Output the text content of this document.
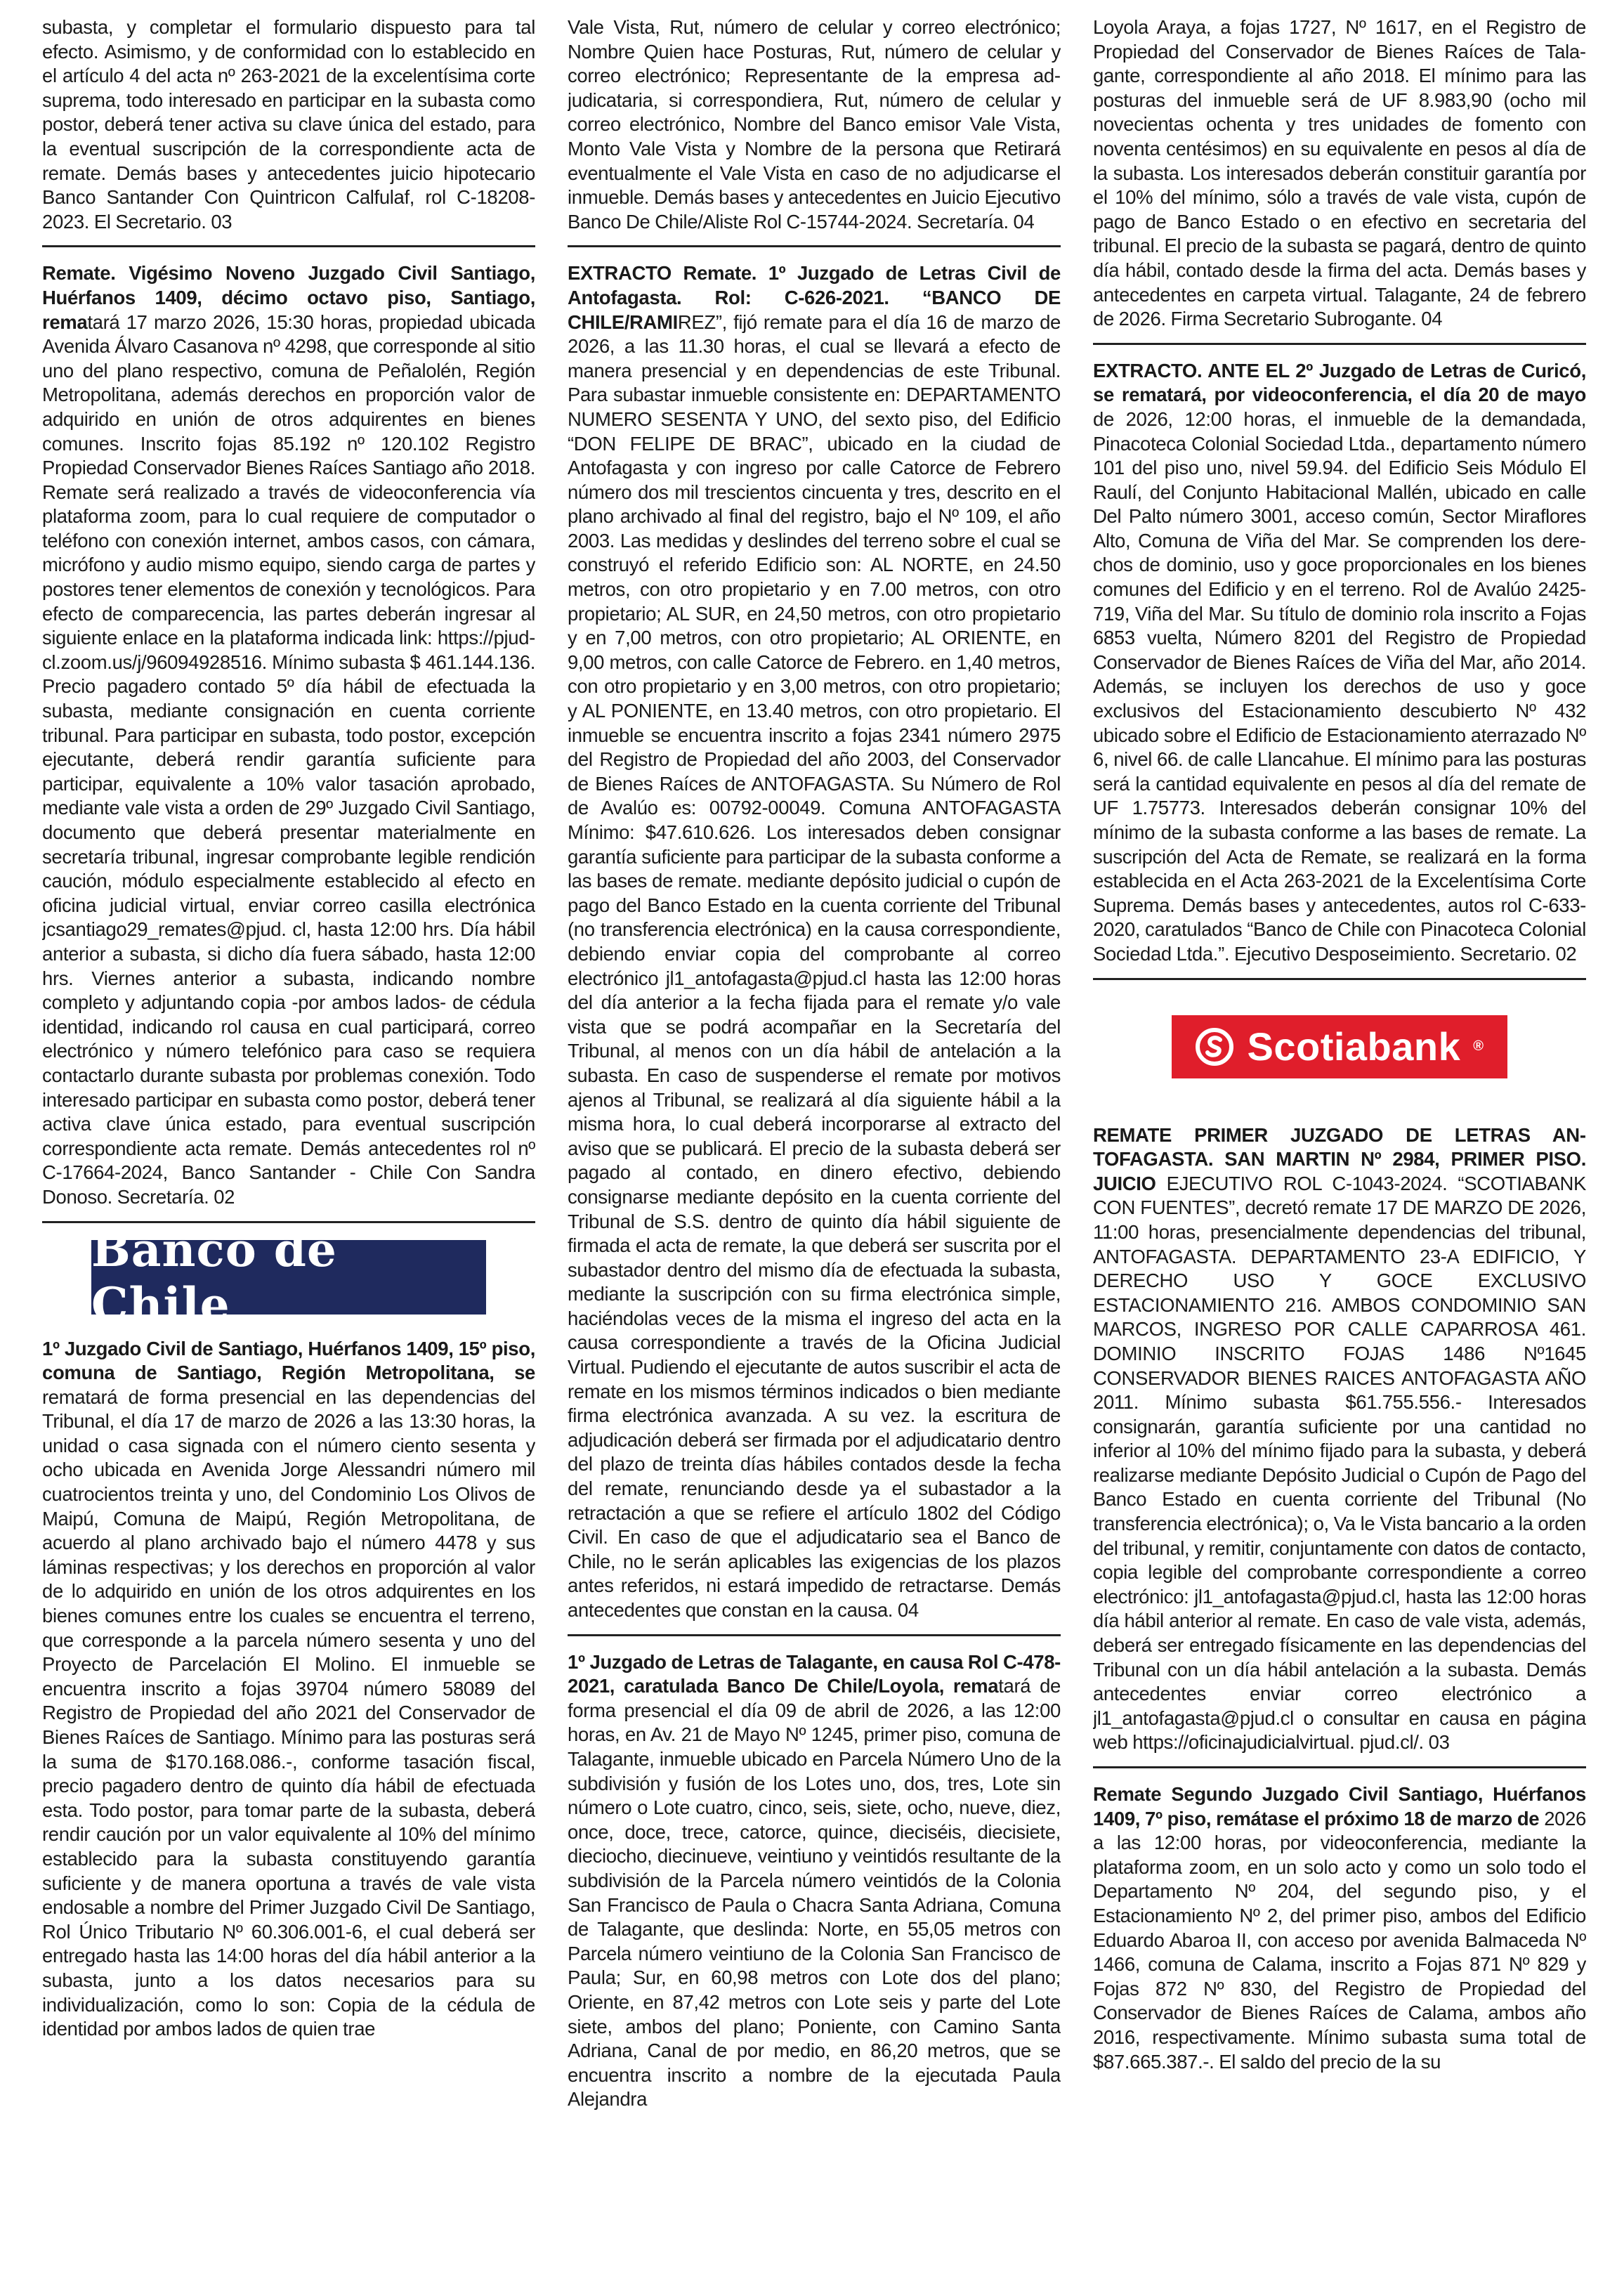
subasta, y completar el formulario dispuesto para tal efecto. Asimismo, y de conformidad con lo establecido en el artículo 4 del acta nº 263-2021 de la excelentísima corte suprema, todo interesado en participar en la subasta como postor, deberá tener activa su clave única del estado, para la eventual suscripción de la correspondiente acta de remate. Demás bases y antecedentes juicio hipotecario Banco Santander Con Quintricon Calfulaf, rol C-18208-2023. El Secretario. 03

Remate. Vigésimo Noveno Juzgado Civil Santiago, Huérfanos 1409, décimo octavo piso, Santiago, rematará 17 marzo 2026, 15:30 horas, propiedad ubicada Avenida Álvaro Casanova nº 4298, que corresponde al sitio uno del plano respectivo, comuna de Peñalolén, Región Metropolitana, además derechos en proporción valor de adquirido en unión de otros adquirentes en bienes comunes. Inscrito fojas 85.192 nº 120.102 Registro Propiedad Conservador Bienes Raíces Santiago año 2018. Remate será realizado a través de videoconferencia vía plataforma zoom, para lo cual requiere de computador o teléfono con conexión internet, ambos casos, con cámara, micrófono y audio mismo equipo, siendo carga de partes y postores tener elementos de conexión y tecnológicos. Para efecto de comparecencia, las partes deberán ingresar al siguiente enlace en la plataforma indicada link: https://pjud-cl.zoom.us/j/96094928516. Mínimo subasta $ 461.144.136. Precio pagadero contado 5º día hábil de efectuada la subasta, mediante consignación en cuenta corriente tribunal. Para participar en subasta, todo postor, excepción ejecutante, deberá rendir garantía suficiente para participar, equivalente a 10% valor tasación aprobado, mediante vale vista a orden de 29º Juzgado Civil Santiago, documento que deberá presentar materialmente en secretaría tribunal, ingresar comprobante legible rendición caución, módulo especialmente establecido al efecto en oficina judicial virtual, enviar correo casilla electrónica jcsantiago29_remates@pjud. cl, hasta 12:00 hrs. Día hábil anterior a subasta, si dicho día fuera sábado, hasta 12:00 hrs. Viernes anterior a subasta, indicando nombre completo y adjuntando copia -por ambos lados- de cédula identidad, indicando rol causa en cual participará, correo electrónico y número telefónico para caso se requiera contactarlo durante subasta por problemas conexión. Todo interesado participar en subasta como postor, deberá tener activa clave única estado, para eventual suscripción correspondiente acta remate. Demás antecedentes rol nº C-17664-2024, Banco Santander - Chile Con Sandra Donoso. Secretaría. 02

Banco de Chile

1º Juzgado Civil de Santiago, Huérfanos 1409, 15º piso, comuna de Santiago, Región Metropolitana, se rematará de forma presencial en las dependencias del Tribunal, el día 17 de marzo de 2026 a las 13:30 horas, la unidad o casa signada con el número ciento sesenta y ocho ubicada en Avenida Jorge Alessandri número mil cuatrocientos treinta y uno, del Condominio Los Olivos de Maipú, Comuna de Maipú, Región Metropolitana, de acuerdo al plano archivado bajo el número 4478 y sus láminas respectivas; y los derechos en proporción al valor de lo adquirido en unión de los otros adquirentes en los bienes comunes entre los cuales se encuentra el terreno, que corresponde a la parcela número sesenta y uno del Proyecto de Parcelación El Molino. El inmueble se encuentra inscrito a fojas 39704 número 58089 del Registro de Propiedad del año 2021 del Conservador de Bienes Raíces de Santiago. Mínimo para las posturas será la suma de $170.168.086.-, conforme tasación fiscal, precio pagadero dentro de quinto día hábil de efectuada esta. Todo postor, para tomar parte de la subasta, deberá rendir caución por un valor equivalente al 10% del mínimo establecido para la subasta constituyendo garantía suficiente y de manera oportuna a través de vale vista endosable a nombre del Primer Juzgado Civil De Santiago, Rol Único Tributario Nº 60.306.001-6, el cual deberá ser entregado hasta las 14:00 horas del día hábil anterior a la subasta, junto a los datos necesarios para su individualización, como lo son: Copia de la cédula de identidad por ambos lados de quien trae

Vale Vista, Rut, número de celular y correo electrónico; Nombre Quien hace Posturas, Rut, número de celular y correo electrónico; Representante de la empresa adjudicataria, si correspondiera, Rut, número de celular y correo electrónico, Nombre del Banco emisor Vale Vista, Monto Vale Vista y Nombre de la persona que Retirará eventualmente el Vale Vista en caso de no adjudicarse el inmueble. Demás bases y antecedentes en Juicio Ejecutivo Banco De Chile/Aliste Rol C-15744-2024. Secretaría. 04

EXTRACTO Remate. 1º Juzgado de Letras Civil de Antofagasta. Rol: C-626-2021. “BANCO DE CHILE/RAMIREZ”, fijó remate para el día 16 de marzo de 2026, a las 11.30 horas, el cual se llevará a efecto de manera presencial y en dependencias de este Tribunal. Para subastar inmueble consistente en: DEPARTAMENTO NUMERO SESENTA Y UNO, del sexto piso, del Edificio “DON FELIPE DE BRAC”, ubicado en la ciudad de Antofagasta y con ingreso por calle Catorce de Febrero número dos mil trescientos cincuenta y tres, descrito en el plano archivado al final del registro, bajo el Nº 109, el año 2003. Las medidas y deslindes del terreno sobre el cual se construyó el referido Edificio son: AL NORTE, en 24.50 metros, con otro propietario y en 7.00 metros, con otro propietario; AL SUR, en 24,50 metros, con otro propietario y en 7,00 metros, con otro propietario; AL ORIENTE, en 9,00 metros, con calle Catorce de Febrero. en 1,40 metros, con otro propietario y en 3,00 metros, con otro propietario; y AL PONIENTE, en 13.40 metros, con otro propietario. El inmueble se encuentra inscrito a fojas 2341 número 2975 del Registro de Propiedad del año 2003, del Conservador de Bienes Raíces de ANTOFAGASTA. Su Número de Rol de Avalúo es: 00792-00049. Comuna ANTOFAGASTA Mínimo: $47.610.626. Los interesados deben consignar garantía suficiente para participar de la subasta conforme a las bases de remate. mediante depósito judicial o cupón de pago del Banco Estado en la cuenta corriente del Tribunal (no transferencia electrónica) en la causa correspondiente, debiendo enviar copia del comprobante al correo electrónico jl1_antofagasta@pjud.cl hasta las 12:00 horas del día anterior a la fecha fijada para el remate y/o vale vista que se podrá acompañar en la Secretaría del Tribunal, al menos con un día hábil de antelación a la subasta. En caso de suspenderse el remate por motivos ajenos al Tribunal, se realizará al día siguiente hábil a la misma hora, lo cual deberá incorporarse al extracto del aviso que se publicará. El precio de la subasta deberá ser pagado al contado, en dinero efectivo, debiendo consignarse mediante depósito en la cuenta corriente del Tribunal de S.S. dentro de quinto día hábil siguiente de firmada el acta de remate, la que deberá ser suscrita por el subastador dentro del mismo día de efectuada la subasta, mediante la suscripción con su firma electrónica simple, haciéndolas veces de la misma el ingreso del acta en la causa correspondiente a través de la Oficina Judicial Virtual. Pudiendo el ejecutante de autos suscribir el acta de remate en los mismos términos indicados o bien mediante firma electrónica avanzada. A su vez. la escritura de adjudicación deberá ser firmada por el adjudicatario dentro del plazo de treinta días hábiles contados desde la fecha del remate, renunciando desde ya el subastador a la retractación a que se refiere el artículo 1802 del Código Civil. En caso de que el adjudicatario sea el Banco de Chile, no le serán aplicables las exigencias de los plazos antes referidos, ni estará impedido de retractarse. Demás antecedentes que constan en la causa. 04

1º Juzgado de Letras de Talagante, en causa Rol C-478-2021, caratulada Banco De Chile/Loyola, rematará de forma presencial el día 09 de abril de 2026, a las 12:00 horas, en Av. 21 de Mayo Nº 1245, primer piso, comuna de Talagante, inmueble ubicado en Parcela Número Uno de la subdivisión y fusión de los Lotes uno, dos, tres, Lote sin número o Lote cuatro, cinco, seis, siete, ocho, nueve, diez, once, doce, trece, catorce, quince, dieciséis, diecisiete, dieciocho, diecinueve, veintiuno y veintidós resultante de la subdivisión de la Parcela número veintidós de la Colonia San Francisco de Paula o Chacra Santa Adriana, Comuna de Talagante, que deslinda: Norte, en 55,05 metros con Parcela número veintiuno de la Colonia San Francisco de Paula; Sur, en 60,98 metros con Lote dos del plano; Oriente, en 87,42 metros con Lote seis y parte del Lote siete, ambos del plano; Poniente, con Camino Santa Adriana, Canal de por medio, en 86,20 metros, que se encuentra inscrito a nombre de la ejecutada Paula Alejandra

Loyola Araya, a fojas 1727, Nº 1617, en el Registro de Propiedad del Conservador de Bienes Raíces de Talagante, correspondiente al año 2018. El mínimo para las posturas del inmueble será de UF 8.983,90 (ocho mil novecientas ochenta y tres unidades de fomento con noventa centésimos) en su equivalente en pesos al día de la subasta. Los interesados deberán constituir garantía por el 10% del mínimo, sólo a través de vale vista, cupón de pago de Banco Estado o en efectivo en secretaria del tribunal. El precio de la subasta se pagará, dentro de quinto día hábil, contado desde la firma del acta. Demás bases y antecedentes en carpeta virtual. Talagante, 24 de febrero de 2026. Firma Secretario Subrogante. 04

EXTRACTO. ANTE EL 2º Juzgado de Letras de Curicó, se rematará, por videoconferencia, el día 20 de mayo de 2026, 12:00 horas, el inmueble de la demandada, Pinacoteca Colonial Sociedad Ltda., departamento número 101 del piso uno, nivel 59.94. del Edificio Seis Módulo El Raulí, del Conjunto Habitacional Mallén, ubicado en calle Del Palto número 3001, acceso común, Sector Miraflores Alto, Comuna de Viña del Mar. Se comprenden los derechos de dominio, uso y goce proporcionales en los bienes comunes del Edificio y en el terreno. Rol de Avalúo 2425-719, Viña del Mar. Su título de dominio rola inscrito a Fojas 6853 vuelta, Número 8201 del Registro de Propiedad Conservador de Bienes Raíces de Viña del Mar, año 2014. Además, se incluyen los derechos de uso y goce exclusivos del Estacionamiento descubierto Nº 432 ubicado sobre el Edificio de Estacionamiento aterrazado Nº 6, nivel 66. de calle Llancahue. El mínimo para las posturas será la cantidad equivalente en pesos al día del remate de UF 1.75773. Interesados deberán consignar 10% del mínimo de la subasta conforme a las bases de remate. La suscripción del Acta de Remate, se realizará en la forma establecida en el Acta 263-2021 de la Excelentísima Corte Suprema. Demás bases y antecedentes, autos rol C-633-2020, caratulados “Banco de Chile con Pinacoteca Colonial Sociedad Ltda.”. Ejecutivo Desposeimiento. Secretario. 02

Scotiabank ®

REMATE PRIMER JUZGADO DE LETRAS ANTOFAGASTA. SAN MARTIN Nº 2984, PRIMER PISO. JUICIO EJECUTIVO ROL C-1043-2024. “SCOTIABANK CON FUENTES”, decretó remate 17 DE MARZO DE 2026, 11:00 horas, presencialmente dependencias del tribunal, ANTOFAGASTA. DEPARTAMENTO 23-A EDIFICIO, Y DERECHO USO Y GOCE EXCLUSIVO ESTACIONAMIENTO 216. AMBOS CONDOMINIO SAN MARCOS, INGRESO POR CALLE CAPARROSA 461. DOMINIO INSCRITO FOJAS 1486 Nº1645 CONSERVADOR BIENES RAICES ANTOFAGASTA AÑO 2011. Mínimo subasta $61.755.556.- Interesados consignarán, garantía suficiente por una cantidad no inferior al 10% del mínimo fijado para la subasta, y deberá realizarse mediante Depósito Judicial o Cupón de Pago del Banco Estado en cuenta corriente del Tribunal (No transferencia electrónica); o, Va le Vista bancario a la orden del tribunal, y remitir, conjuntamente con datos de contacto, copia legible del comprobante correspondiente a correo electrónico: jl1_antofagasta@pjud.cl, hasta las 12:00 horas día hábil anterior al remate. En caso de vale vista, además, deberá ser entregado físicamente en las dependencias del Tribunal con un día hábil antelación a la subasta. Demás antecedentes enviar correo electrónico a jl1_antofagasta@pjud.cl o consultar en causa en página web https://oficinajudicialvirtual. pjud.cl/. 03

Remate Segundo Juzgado Civil Santiago, Huérfanos 1409, 7º piso, remátase el próximo 18 de marzo de 2026 a las 12:00 horas, por videoconferencia, mediante la plataforma zoom, en un solo acto y como un solo todo el Departamento Nº 204, del segundo piso, y el Estacionamiento Nº 2, del primer piso, ambos del Edificio Eduardo Abaroa II, con acceso por avenida Balmaceda Nº 1466, comuna de Calama, inscrito a Fojas 871 Nº 829 y Fojas 872 Nº 830, del Registro de Propiedad del Conservador de Bienes Raíces de Calama, ambos año 2016, respectivamente. Mínimo subasta suma total de $87.665.387.-. El saldo del precio de la su
